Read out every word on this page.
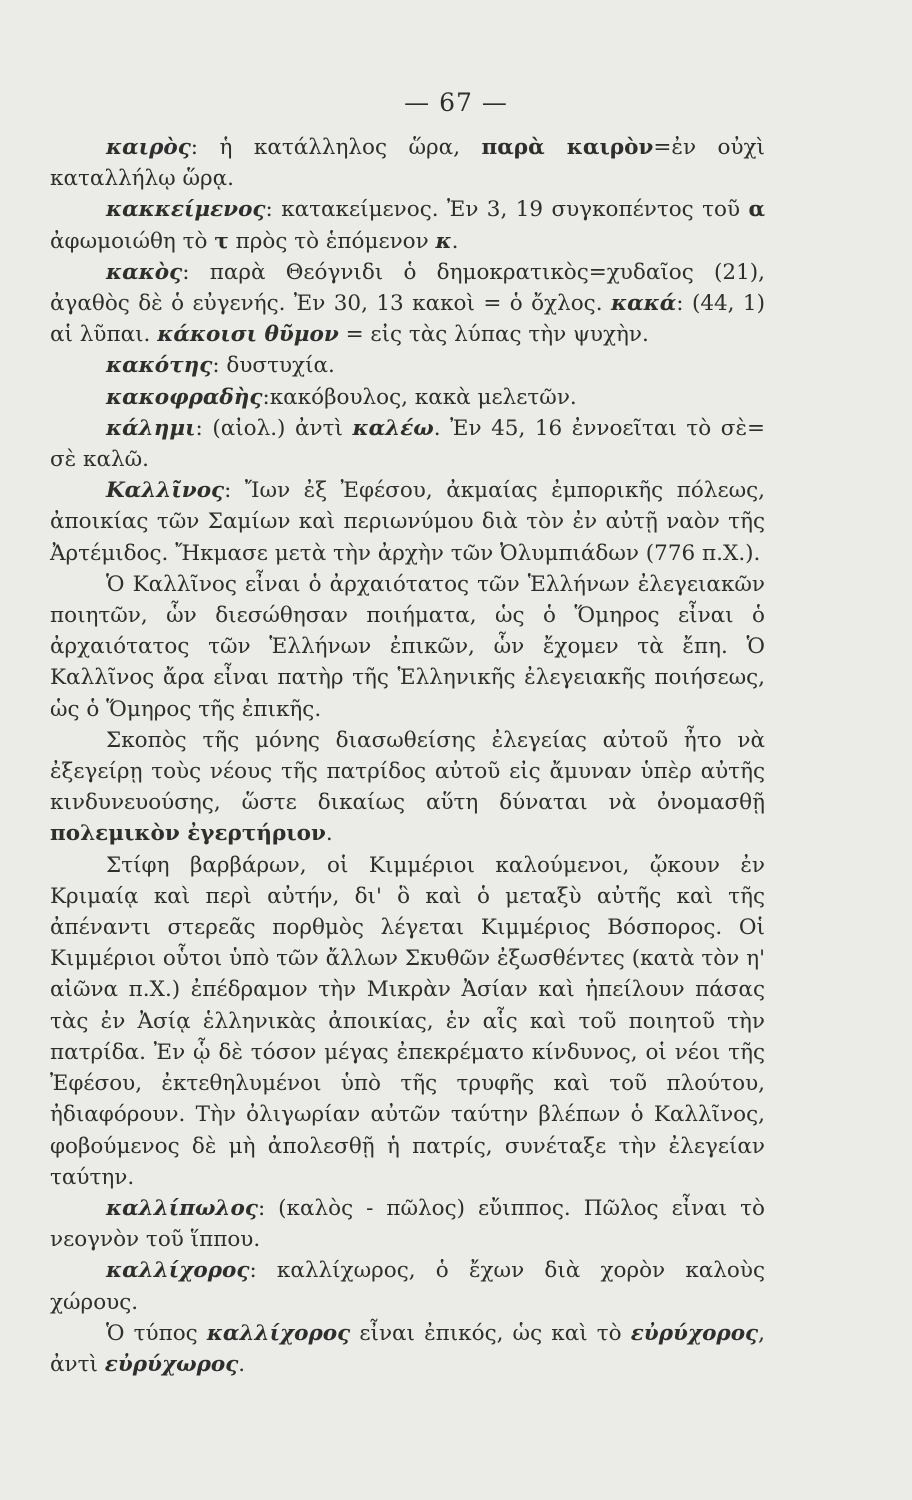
— 67 —

καιρὸς: ἡ κατάλληλος ὥρα, παρὰ καιρὸν=ἐν οὐχὶ καταλλήλῳ ὥρᾳ.

κακκείμενος: κατακείμενος. Ἐν 3, 19 συγκοπέντος τοῦ α ἀφωμοιώθη τὸ τ πρὸς τὸ ἑπόμενον κ.

κακὸς: παρὰ Θεόγνιδι ὁ δημοκρατικὸς=χυδαῖος (21), ἀγαθὸς δὲ ὁ εὐγενής. Ἐν 30, 13 κακοὶ = ὁ ὄχλος. κακά: (44, 1) αἱ λῦπαι. κάκοισι θῦμον = εἰς τὰς λύπας τὴν ψυχὴν.

κακότης: δυστυχία.

κακοφραδὴς:κακόβουλος, κακὰ μελετῶν.

κάλημι: (αἰολ.) ἀντὶ καλέω. Ἐν 45, 16 ἐννοεῖται τὸ σὲ= σὲ καλῶ.

Καλλῖνος: Ἴων ἐξ Ἐφέσου, ἀκμαίας ἐμπορικῆς πόλεως, ἀποικίας τῶν Σαμίων καὶ περιωνύμου διὰ τὸν ἐν αὐτῇ ναὸν τῆς Ἀρτέμιδος. Ἤκμασε μετὰ τὴν ἀρχὴν τῶν Ὀλυμπιάδων (776 π.Χ.).

Ὁ Καλλῖνος εἶναι ὁ ἀρχαιότατος τῶν Ἑλλήνων ἐλεγειακῶν ποιητῶν, ὧν διεσώθησαν ποιήματα, ὡς ὁ Ὅμηρος εἶναι ὁ ἀρχαιότατος τῶν Ἑλλήνων ἐπικῶν, ὧν ἔχομεν τὰ ἔπη. Ὁ Καλλῖνος ἄρα εἶναι πατὴρ τῆς Ἑλληνικῆς ἐλεγειακῆς ποιήσεως, ὡς ὁ Ὅμηρος τῆς ἐπικῆς.

Σκοπὸς τῆς μόνης διασωθείσης ἐλεγείας αὐτοῦ ἦτο νὰ ἐξεγείρῃ τοὺς νέους τῆς πατρίδος αὐτοῦ εἰς ἄμυναν ὑπὲρ αὐτῆς κινδυνευούσης, ὥστε δικαίως αὕτη δύναται νὰ ὀνομασθῇ πολεμικὸν ἐγερτήριον.

Στίφη βαρβάρων, οἱ Κιμμέριοι καλούμενοι, ᾤκουν ἐν Κριμαίᾳ καὶ περὶ αὐτήν, δι' ὃ καὶ ὁ μεταξὺ αὐτῆς καὶ τῆς ἀπέναντι στερεᾶς πορθμὸς λέγεται Κιμμέριος Βόσπορος. Οἱ Κιμμέριοι οὗτοι ὑπὸ τῶν ἄλλων Σκυθῶν ἐξωσθέντες (κατὰ τὸν η' αἰῶνα π.Χ.) ἐπέδραμον τὴν Μικρὰν Ἀσίαν καὶ ἠπείλουν πάσας τὰς ἐν Ἀσίᾳ ἑλληνικὰς ἀποικίας, ἐν αἷς καὶ τοῦ ποιητοῦ τὴν πατρίδα. Ἐν ᾧ δὲ τόσον μέγας ἐπεκρέματο κίνδυνος, οἱ νέοι τῆς Ἐφέσου, ἐκτεθηλυμένοι ὑπὸ τῆς τρυφῆς καὶ τοῦ πλούτου, ἠδιαφόρουν. Τὴν ὀλιγωρίαν αὐτῶν ταύτην βλέπων ὁ Καλλῖνος, φοβούμενος δὲ μὴ ἀπολεσθῇ ἡ πατρίς, συνέταξε τὴν ἐλεγείαν ταύτην.

καλλίπωλος: (καλὸς - πῶλος) εὔιππος. Πῶλος εἶναι τὸ νεογνὸν τοῦ ἵππου.

καλλίχορος: καλλίχωρος, ὁ ἔχων διὰ χορὸν καλοὺς χώρους.

Ὁ τύπος καλλίχορος εἶναι ἐπικός, ὡς καὶ τὸ εὐρύχορος, ἀντὶ εὐρύχωρος.
